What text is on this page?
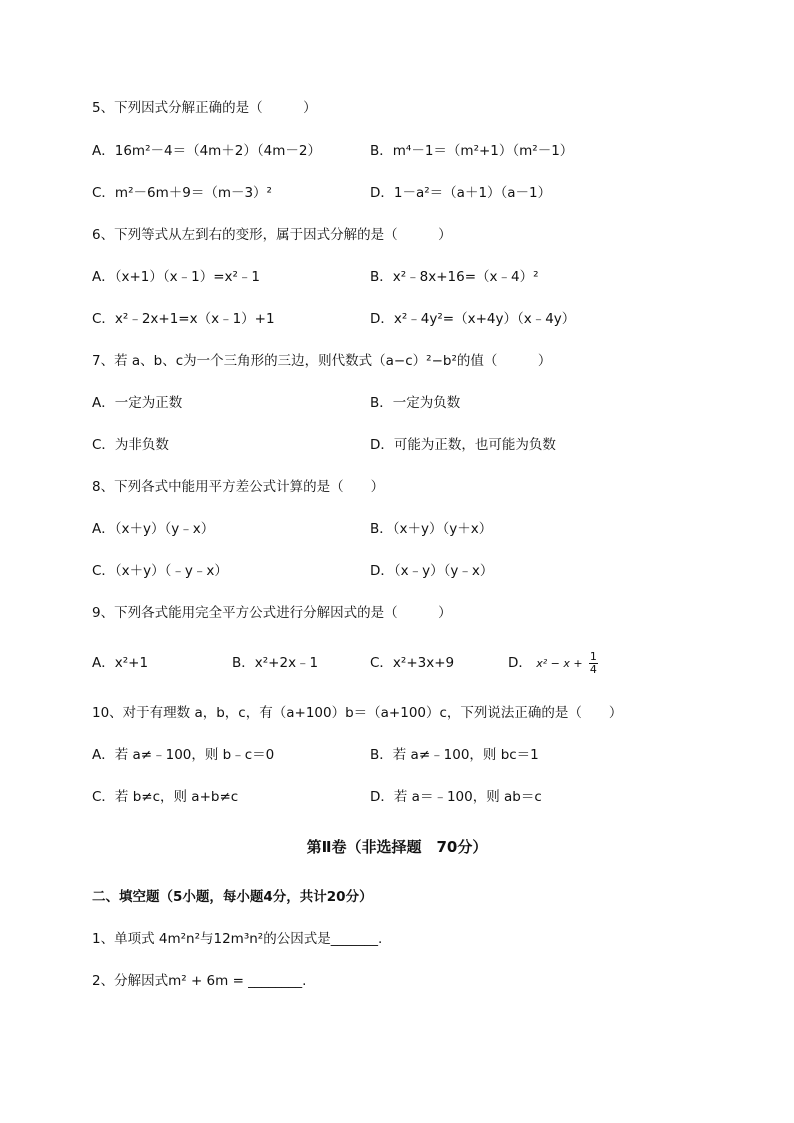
5、下列因式分解正确的是（　　　）
A．16m²－4＝（4m＋2）（4m－2）	B．m⁴－1＝（m²+1）（m²－1）
C．m²－6m＋9＝（m－3）²	D．1－a²＝（a＋1）（a－1）
6、下列等式从左到右的变形，属于因式分解的是（　　　）
A．（x+1）（x﹣1）=x²﹣1	B．x²﹣8x+16=（x﹣4）²
C．x²﹣2x+1=x（x﹣1）+1	D．x²﹣4y²=（x+4y）（x﹣4y）
7、若 a、b、c为一个三角形的三边，则代数式（a−c）²−b²的值（　　　）
A．一定为正数	B．一定为负数
C．为非负数	D．可能为正数，也可能为负数
8、下列各式中能用平方差公式计算的是（　　）
A．（x＋y）（y﹣x）	B．（x＋y）（y＋x）
C．（x＋y）（﹣y﹣x）	D．（x﹣y）（y﹣x）
9、下列各式能用完全平方公式进行分解因式的是（　　　）
A．x²+1	B．x²+2x﹣1	C．x²+3x+9	D． $x^2 - x + \frac{1}{4}$
10、对于有理数 a，b，c，有（a+100）b＝（a+100）c，下列说法正确的是（　　）
A．若 a≠﹣100，则 b﹣c＝0	B．若 a≠﹣100，则 bc＝1
C．若 b≠c，则 a+b≠c	D．若 a＝﹣100，则 ab＝c
第Ⅱ卷（非选择题　70分）
二、填空题（5小题，每小题4分，共计20分）
1、单项式 4m²n²与12m³n²的公因式是_______.
2、分解因式m² + 6m = ________.
